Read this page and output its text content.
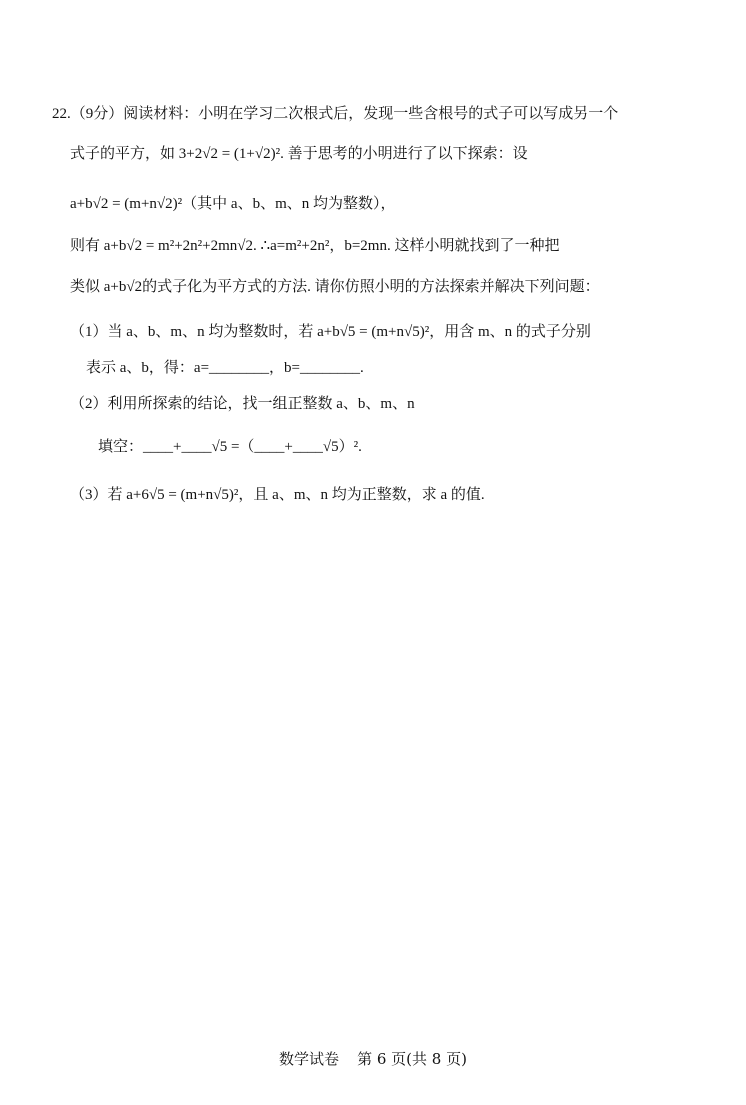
22.（9分）阅读材料：小明在学习二次根式后，发现一些含根号的式子可以写成另一个
式子的平方，如 3+2√2 = (1+√2)². 善于思考的小明进行了以下探索：设
a+b√2 = (m+n√2)²（其中 a、b、m、n 均为整数），
则有 a+b√2 = m²+2n²+2mn√2. ∴a=m²+2n²，b=2mn. 这样小明就找到了一种把
类似 a+b√2的式子化为平方式的方法. 请你仿照小明的方法探索并解决下列问题：
（1）当 a、b、m、n 均为整数时，若 a+b√5 = (m+n√5)²，用含 m、n 的式子分别
表示 a、b，得：a=________，b=________.
（2）利用所探索的结论，找一组正整数 a、b、m、n
填空：____+____√5 =（____+____√5）².
（3）若 a+6√5 = (m+n√5)²，且 a、m、n 均为正整数，求 a 的值.
数学试卷 第 6 页(共 8 页)
